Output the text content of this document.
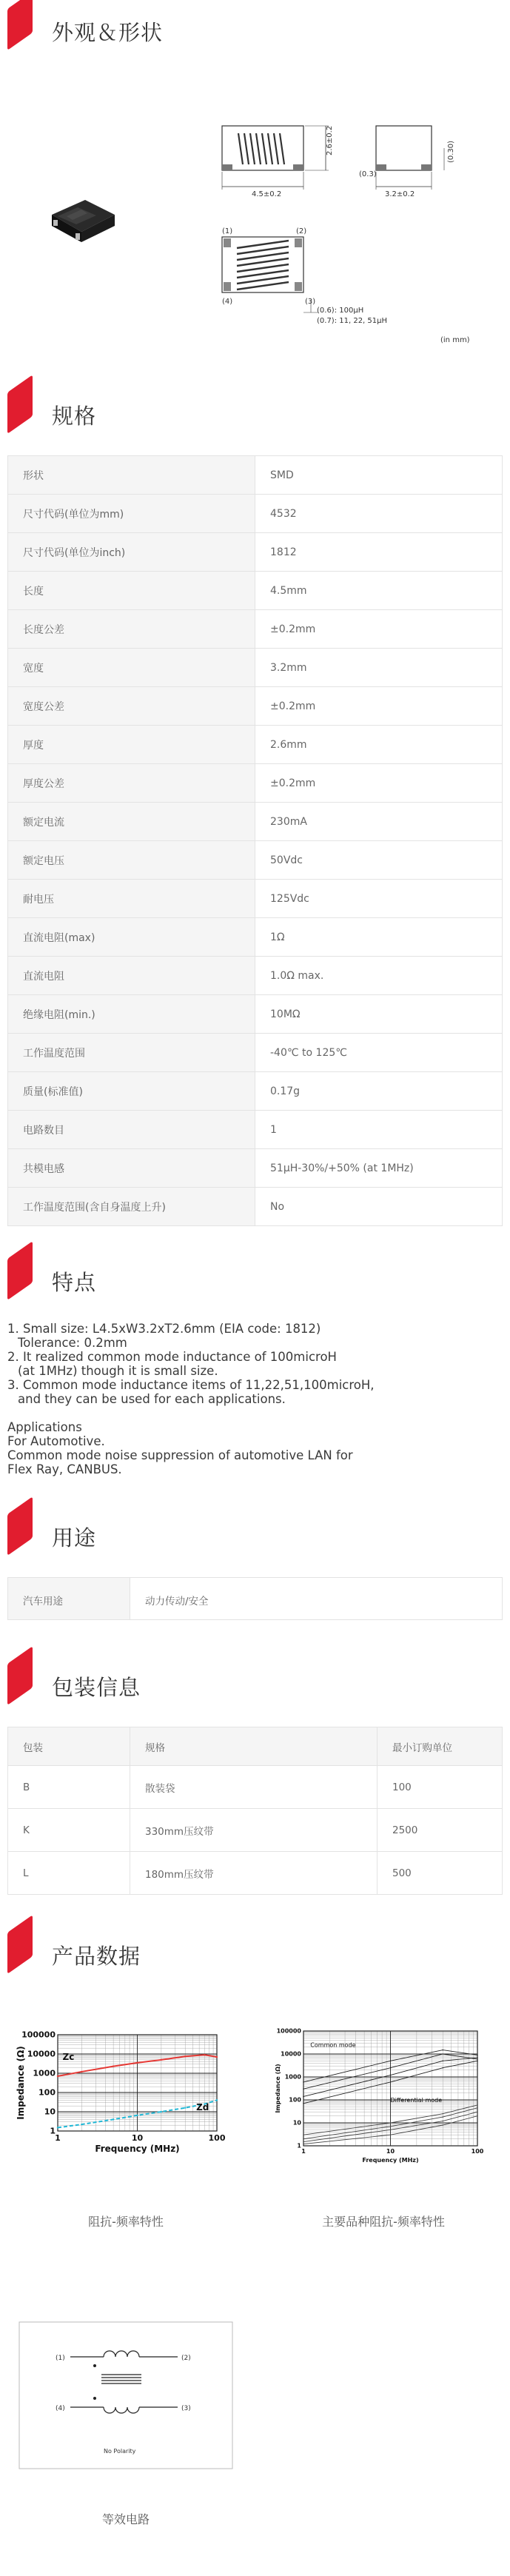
外观＆形状
4.5±0.2
2.6±0.2
3.2±0.2
(0.3)
(0.30)
(1)	(2)
(3)
(4)
(0.6): 100μH
(0.7): 11, 22, 51μH
(in mm)
规格
形状	SMD
尺寸代码(单位为mm)	4532
尺寸代码(单位为inch)	1812
长度	4.5mm
长度公差	±0.2mm
宽度	3.2mm
宽度公差	±0.2mm
厚度	2.6mm
厚度公差	±0.2mm
额定电流	230mA
额定电压	50Vdc
耐电压	125Vdc
直流电阻(max)	1Ω
直流电阻	1.0Ω max.
绝缘电阻(min.)	10MΩ
工作温度范围	-40℃ to 125℃
质量(标准值)	0.17g
电路数目	1
共模电感	51μH-30%/+50% (at 1MHz)
工作温度范围(含自身温度上升)	No
特点

1. Small size: L4.5xW3.2xT2.6mm (EIA code: 1812)

Tolerance: 0.2mm

2. It realized common mode inductance of 100microH

(at 1MHz) though it is small size.

3. Common mode inductance items of 11,22,51,100microH,

and they can be used for each applications.

Applications

For Automotive.

Common mode noise suppression of automotive LAN for

Flex Ray, CANBUS.

用途
汽车用途	动力传动/安全
包装信息
包装	规格	最小订购单位
B	散装袋	100
K	330mm压纹带	2500
L	180mm压纹带	500
产品数据
1	10	100
1
10
100
1000
10000
100000
Frequency (MHz)
Impedance (Ω)	Zc
Zd
阻抗-频率特性
1	10	100
1
10
100
1000
10000
100000
Frequency (MHz)
Impedance (Ω)
Common mode
Differential mode
主要品种阻抗-频率特性
(1)	(2)
(4)	(3)
No Polarity
等效电路
